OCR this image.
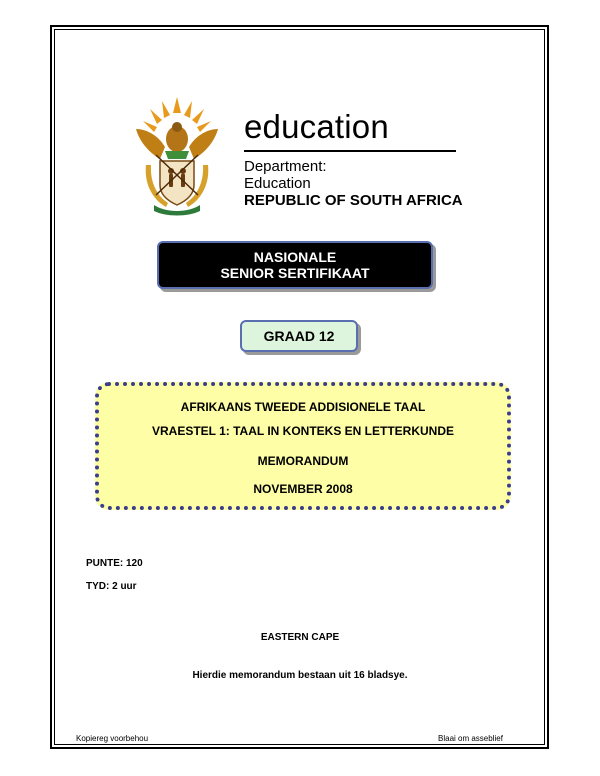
education
Department:
Education
REPUBLIC OF SOUTH AFRICA
NASIONALE
SENIOR SERTIFIKAAT
GRAAD 12
AFRIKAANS TWEEDE ADDISIONELE TAAL
VRAESTEL 1: TAAL IN KONTEKS EN LETTERKUNDE
MEMORANDUM
NOVEMBER 2008
PUNTE: 120
TYD: 2 uur
EASTERN CAPE
Hierdie memorandum bestaan uit 16 bladsye.
Kopiereg voorbehou	Blaai om asseblief
